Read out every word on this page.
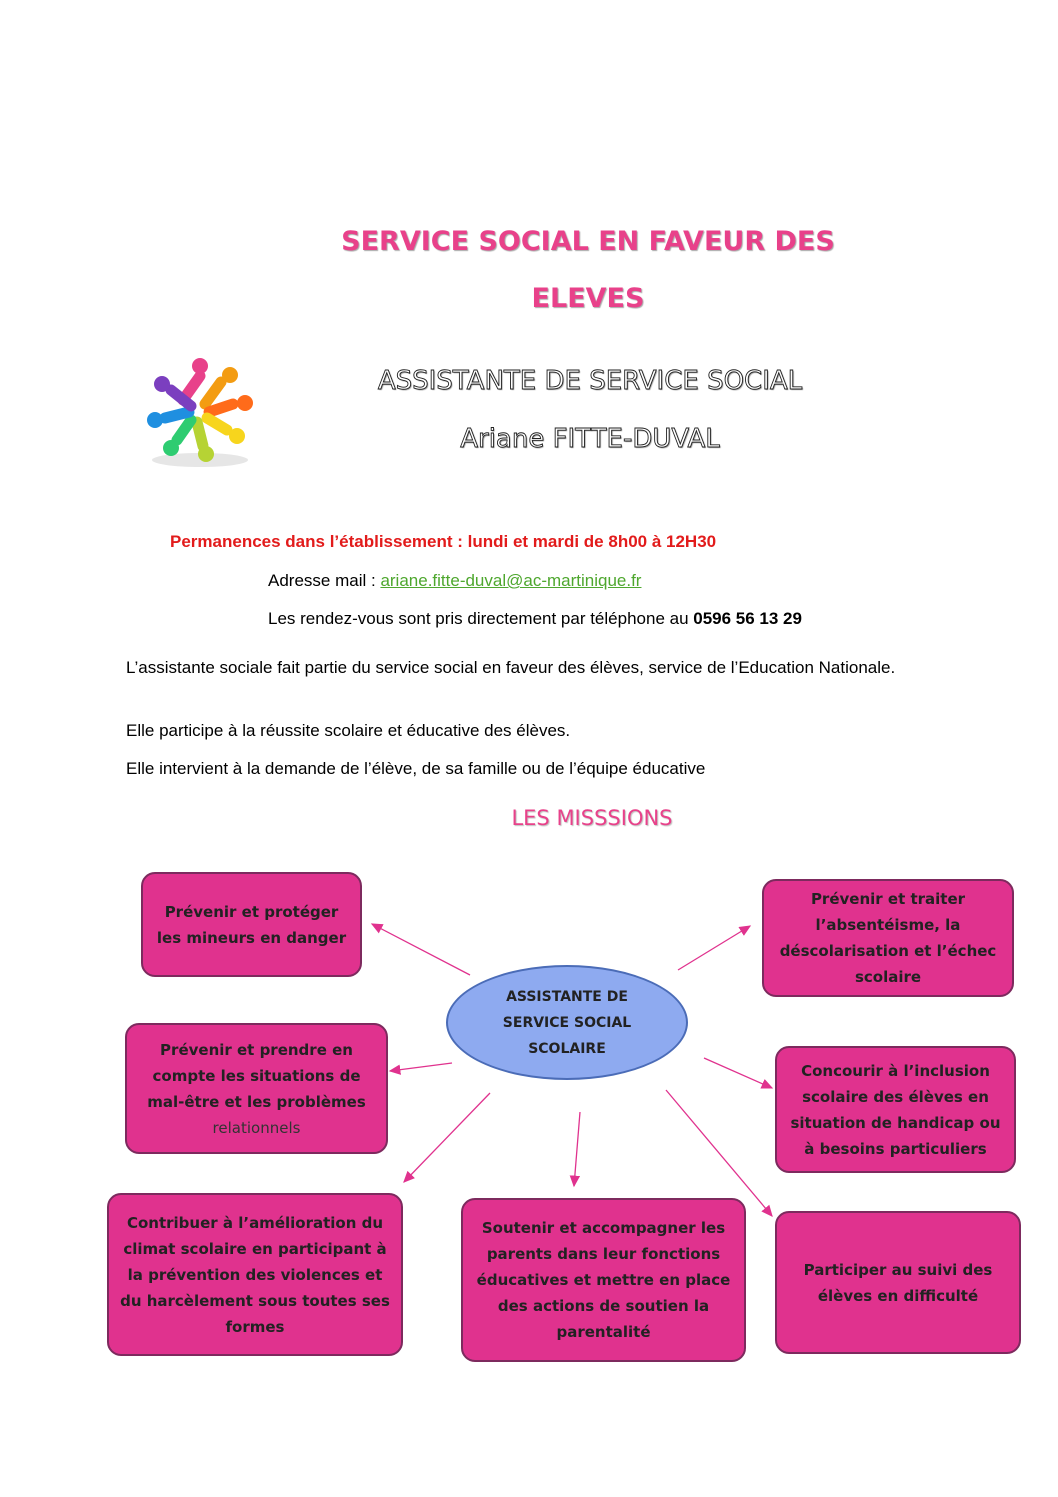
SERVICE SOCIAL EN FAVEUR DES
ELEVES
ASSISTANTE DE SERVICE SOCIAL
Ariane FITTE-DUVAL
Permanences dans l’établissement : lundi et mardi de 8h00 à 12H30
Adresse mail : ariane.fitte-duval@ac-martinique.fr
Les rendez-vous sont pris directement par téléphone au 0596 56 13 29
L’assistante sociale fait partie du service social en faveur des élèves, service de l’Education Nationale.
Elle participe à la réussite scolaire et éducative des élèves.
Elle intervient à la demande de l’élève, de sa famille ou de l’équipe éducative
LES MISSSIONS
ASSISTANTE DE SERVICE SOCIAL SCOLAIRE
Prévenir et protéger les mineurs en danger
Prévenir et traiter l’absentéisme, la déscolarisation et l’échec scolaire
Prévenir et prendre en compte les situations de mal-être et les problèmes
relationnels
Concourir à l’inclusion scolaire des élèves en situation de handicap ou à besoins particuliers
Contribuer à l’amélioration du climat scolaire en participant à la prévention des violences et du harcèlement sous toutes ses formes
Soutenir et accompagner les parents dans leur fonctions éducatives et mettre en place des actions de soutien la parentalité
Participer au suivi des élèves en difficulté
